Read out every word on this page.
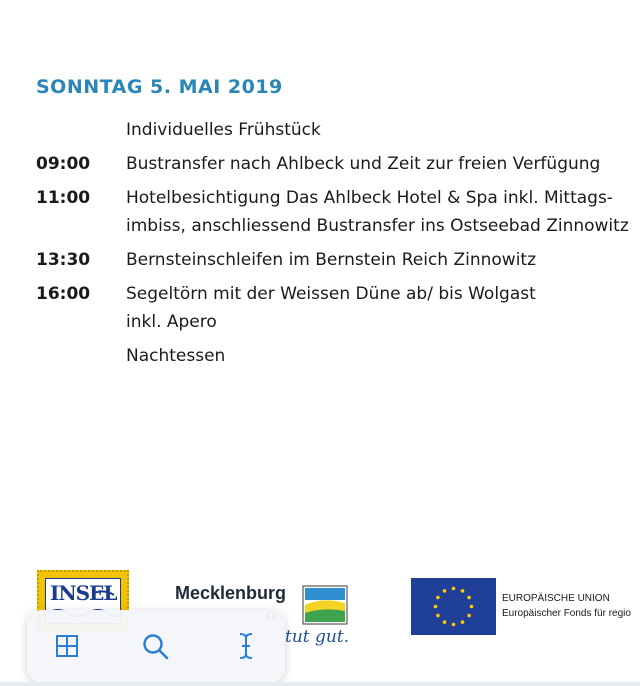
SONNTAG 5. MAI 2019
Individuelles Frühstück
09:00	Bustransfer nach Ahlbeck und Zeit zur freien Verfügung
11:00	Hotelbesichtigung Das Ahlbeck Hotel & Spa inkl. Mittags-
imbiss, anschliessend Bustransfer ins Ostseebad Zinnowitz
13:30	Bernsteinschleifen im Bernstein Reich Zinnowitz
16:00	Segeltörn mit der Weissen Düne ab/ bis Wolgast
inkl. Apero
Nachtessen
INSEL	Mecklenburg
tut gut.
EUROPÄISCHE UNION
Europäischer Fonds für regio
